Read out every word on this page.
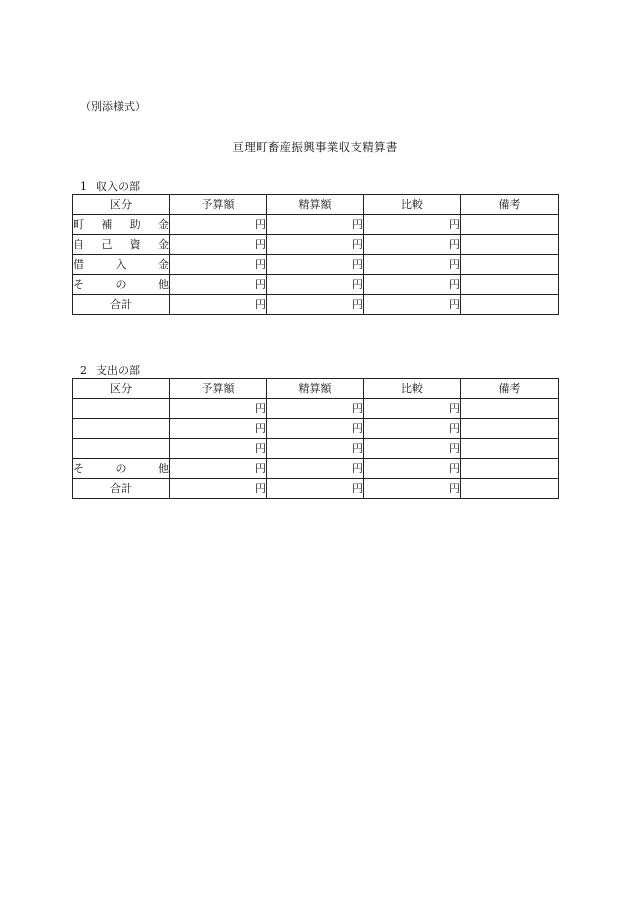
（別添様式）
亘理町畜産振興事業収支精算書
1 収入の部
区分	予算額	精算額	比較	備考
町 補 助 金	円	円	円	
自 己 資 金	円	円	円	
借 入 金	円	円	円	
そ の 他	円	円	円	
合計	円	円	円	
2 支出の部
区分	予算額	精算額	比較	備考
	円	円	円	
	円	円	円	
	円	円	円	
そ の 他	円	円	円	
合計	円	円	円	
